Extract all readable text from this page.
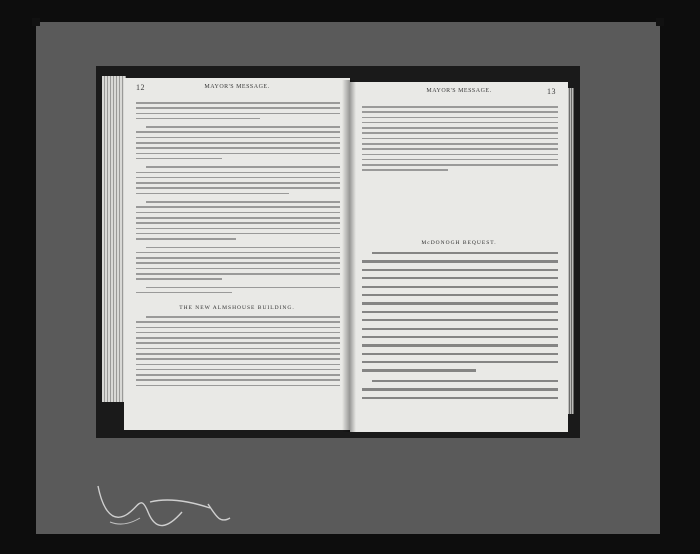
12	MAYOR'S MESSAGE.
THE NEW ALMSHOUSE BUILDING.
MAYOR'S MESSAGE.	13
McDONOGH BEQUEST.
